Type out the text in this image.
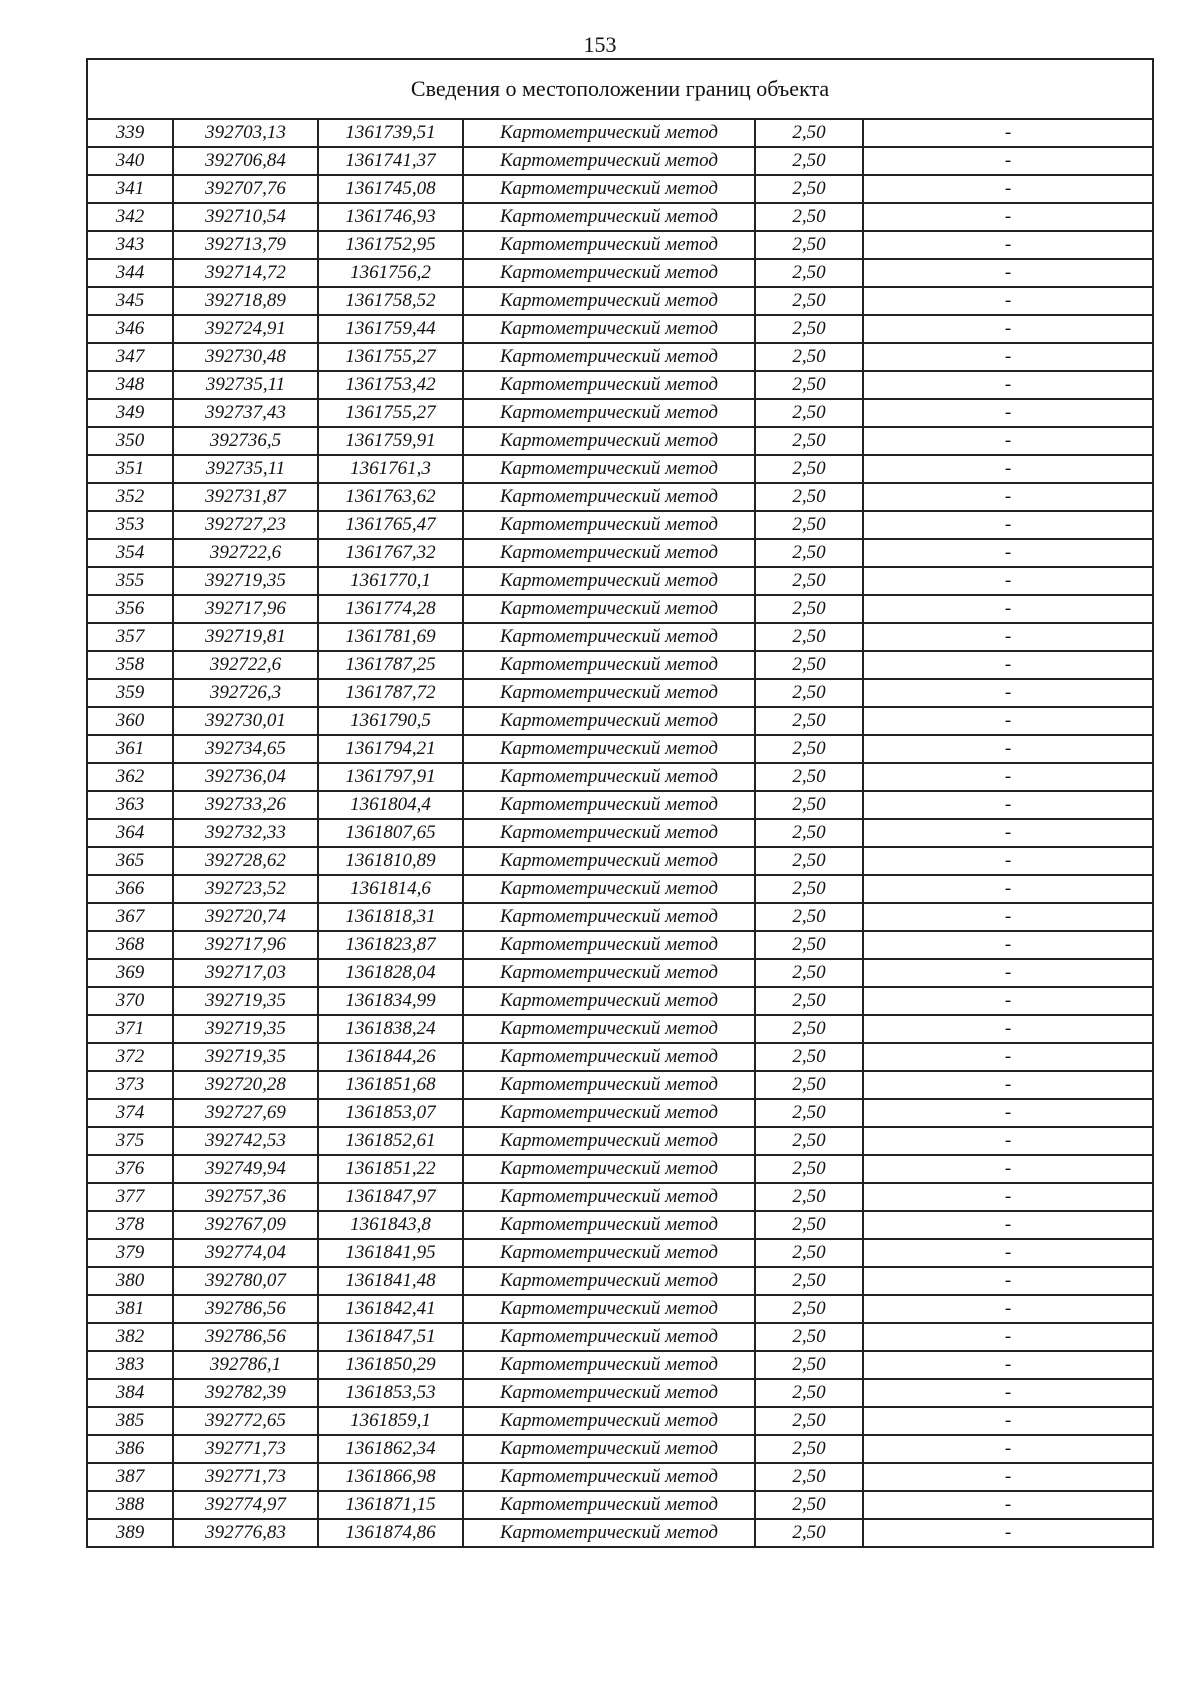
153
Сведения о местоположении границ объекта					
339	392703,13	1361739,51	Картометрический метод	2,50	-
340	392706,84	1361741,37	Картометрический метод	2,50	-
341	392707,76	1361745,08	Картометрический метод	2,50	-
342	392710,54	1361746,93	Картометрический метод	2,50	-
343	392713,79	1361752,95	Картометрический метод	2,50	-
344	392714,72	1361756,2	Картометрический метод	2,50	-
345	392718,89	1361758,52	Картометрический метод	2,50	-
346	392724,91	1361759,44	Картометрический метод	2,50	-
347	392730,48	1361755,27	Картометрический метод	2,50	-
348	392735,11	1361753,42	Картометрический метод	2,50	-
349	392737,43	1361755,27	Картометрический метод	2,50	-
350	392736,5	1361759,91	Картометрический метод	2,50	-
351	392735,11	1361761,3	Картометрический метод	2,50	-
352	392731,87	1361763,62	Картометрический метод	2,50	-
353	392727,23	1361765,47	Картометрический метод	2,50	-
354	392722,6	1361767,32	Картометрический метод	2,50	-
355	392719,35	1361770,1	Картометрический метод	2,50	-
356	392717,96	1361774,28	Картометрический метод	2,50	-
357	392719,81	1361781,69	Картометрический метод	2,50	-
358	392722,6	1361787,25	Картометрический метод	2,50	-
359	392726,3	1361787,72	Картометрический метод	2,50	-
360	392730,01	1361790,5	Картометрический метод	2,50	-
361	392734,65	1361794,21	Картометрический метод	2,50	-
362	392736,04	1361797,91	Картометрический метод	2,50	-
363	392733,26	1361804,4	Картометрический метод	2,50	-
364	392732,33	1361807,65	Картометрический метод	2,50	-
365	392728,62	1361810,89	Картометрический метод	2,50	-
366	392723,52	1361814,6	Картометрический метод	2,50	-
367	392720,74	1361818,31	Картометрический метод	2,50	-
368	392717,96	1361823,87	Картометрический метод	2,50	-
369	392717,03	1361828,04	Картометрический метод	2,50	-
370	392719,35	1361834,99	Картометрический метод	2,50	-
371	392719,35	1361838,24	Картометрический метод	2,50	-
372	392719,35	1361844,26	Картометрический метод	2,50	-
373	392720,28	1361851,68	Картометрический метод	2,50	-
374	392727,69	1361853,07	Картометрический метод	2,50	-
375	392742,53	1361852,61	Картометрический метод	2,50	-
376	392749,94	1361851,22	Картометрический метод	2,50	-
377	392757,36	1361847,97	Картометрический метод	2,50	-
378	392767,09	1361843,8	Картометрический метод	2,50	-
379	392774,04	1361841,95	Картометрический метод	2,50	-
380	392780,07	1361841,48	Картометрический метод	2,50	-
381	392786,56	1361842,41	Картометрический метод	2,50	-
382	392786,56	1361847,51	Картометрический метод	2,50	-
383	392786,1	1361850,29	Картометрический метод	2,50	-
384	392782,39	1361853,53	Картометрический метод	2,50	-
385	392772,65	1361859,1	Картометрический метод	2,50	-
386	392771,73	1361862,34	Картометрический метод	2,50	-
387	392771,73	1361866,98	Картометрический метод	2,50	-
388	392774,97	1361871,15	Картометрический метод	2,50	-
389	392776,83	1361874,86	Картометрический метод	2,50	-
